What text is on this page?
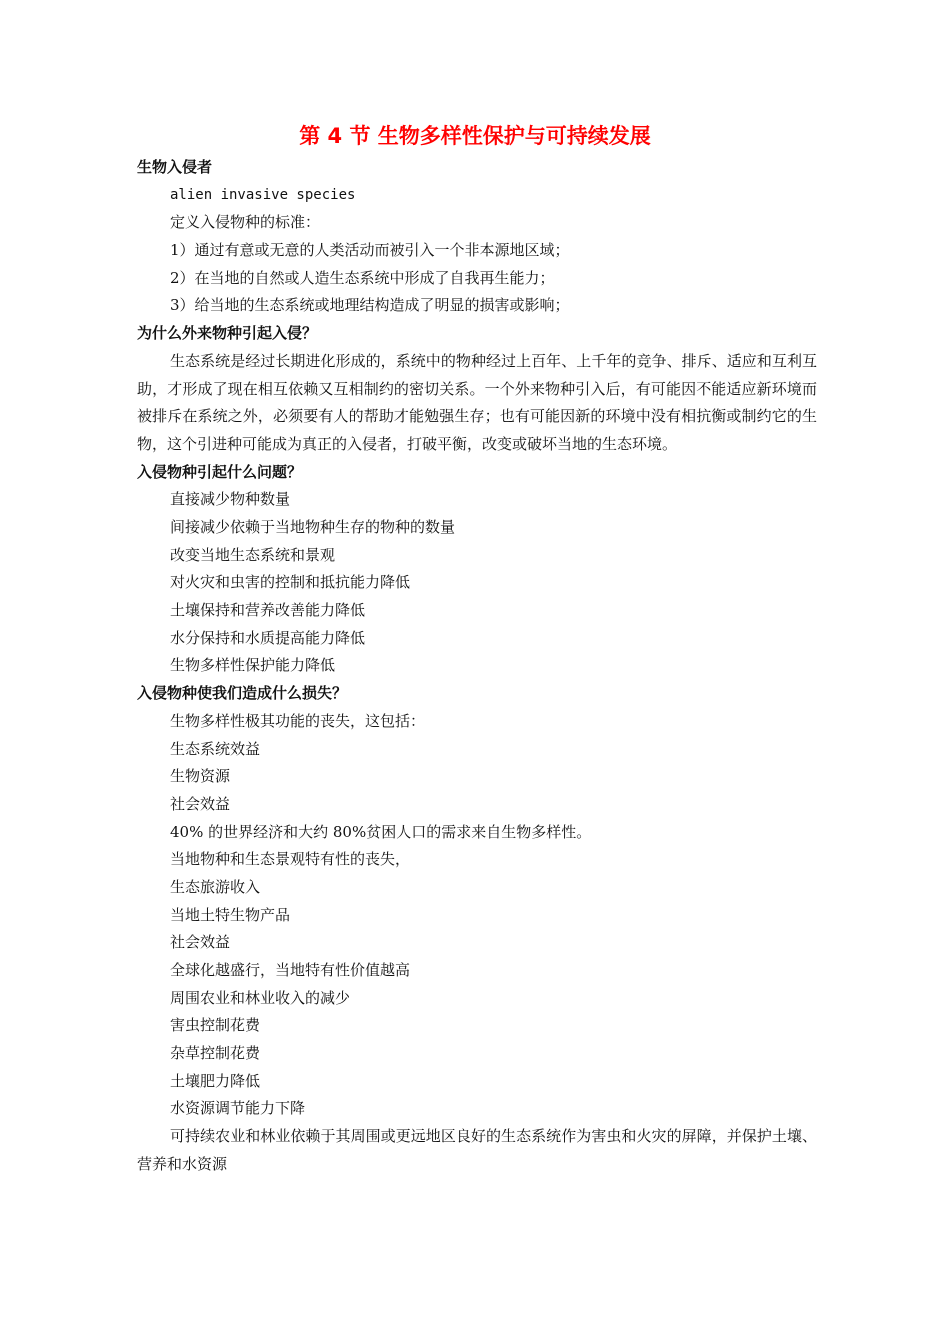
第 4 节 生物多样性保护与可持续发展
生物入侵者
alien invasive species
定义入侵物种的标准：
1）通过有意或无意的人类活动而被引入一个非本源地区域；
2）在当地的自然或人造生态系统中形成了自我再生能力；
3）给当地的生态系统或地理结构造成了明显的损害或影响；
为什么外来物种引起入侵？
生态系统是经过长期进化形成的，系统中的物种经过上百年、上千年的竞争、排斥、适应和互利互助，才形成了现在相互依赖又互相制约的密切关系。一个外来物种引入后，有可能因不能适应新环境而被排斥在系统之外，必须要有人的帮助才能勉强生存；也有可能因新的环境中没有相抗衡或制约它的生物，这个引进种可能成为真正的入侵者，打破平衡，改变或破坏当地的生态环境。
入侵物种引起什么问题？
直接减少物种数量
间接减少依赖于当地物种生存的物种的数量
改变当地生态系统和景观
对火灾和虫害的控制和抵抗能力降低
土壤保持和营养改善能力降低
水分保持和水质提高能力降低
生物多样性保护能力降低
入侵物种使我们造成什么损失？
生物多样性极其功能的丧失，这包括：
生态系统效益
生物资源
社会效益
40% 的世界经济和大约 80%贫困人口的需求来自生物多样性。
当地物种和生态景观特有性的丧失，
生态旅游收入
当地土特生物产品
社会效益
全球化越盛行，当地特有性价值越高
周围农业和林业收入的减少
害虫控制花费
杂草控制花费
土壤肥力降低
水资源调节能力下降
可持续农业和林业依赖于其周围或更远地区良好的生态系统作为害虫和火灾的屏障，并保护土壤、营养和水资源
